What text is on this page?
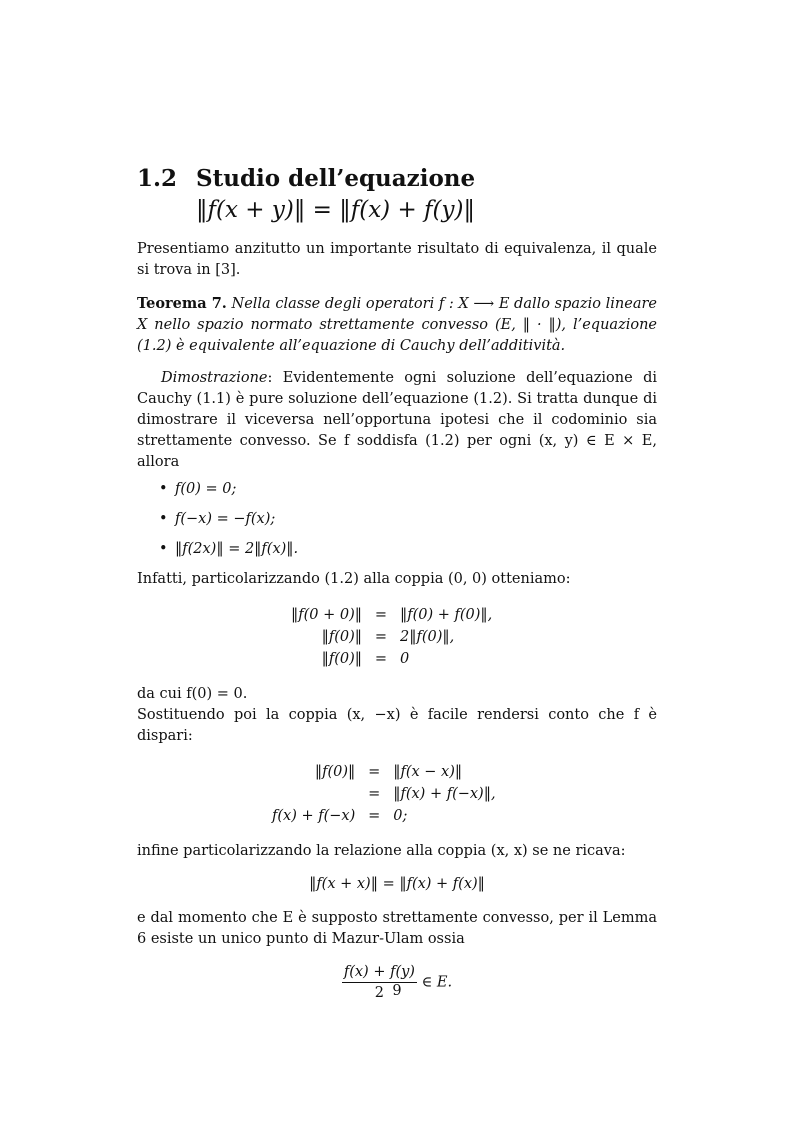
1.2 Studio dell’equazione
‖f(x + y)‖ = ‖f(x) + f(y)‖

Presentiamo anzitutto un importante risultato di equivalenza, il quale si trova in [3].

Teorema 7. Nella classe degli operatori f : X ⟶ E dallo spazio lineare X nello spazio normato strettamente convesso (E, ‖ · ‖), l’equazione (1.2) è equivalente all’equazione di Cauchy dell’additività.

Dimostrazione: Evidentemente ogni soluzione dell’equazione di Cauchy (1.1) è pure soluzione dell’equazione (1.2). Si tratta dunque di dimostrare il viceversa nell’opportuna ipotesi che il codominio sia strettamente convesso. Se f soddisfa (1.2) per ogni (x, y) ∈ E × E, allora

• f(0) = 0;
• f(−x) = −f(x);
• ‖f(2x)‖ = 2‖f(x)‖.

Infatti, particolarizzando (1.2) alla coppia (0, 0) otteniamo:

‖f(0 + 0)‖	=	‖f(0) + f(0)‖,
‖f(0)‖	=	2‖f(0)‖,
‖f(0)‖	=	0

da cui f(0) = 0.

Sostituendo poi la coppia (x, −x) è facile rendersi conto che f è dispari:

‖f(0)‖	=	‖f(x − x)‖
	=	‖f(x) + f(−x)‖,
f(x) + f(−x)	=	0;

infine particolarizzando la relazione alla coppia (x, x) se ne ricava:

‖f(x + x)‖ = ‖f(x) + f(x)‖

e dal momento che E è supposto strettamente convesso, per il Lemma 6 esiste un unico punto di Mazur-Ulam ossia

$\frac{f(x) + f(y)}{2}$ ∈ E.
9
